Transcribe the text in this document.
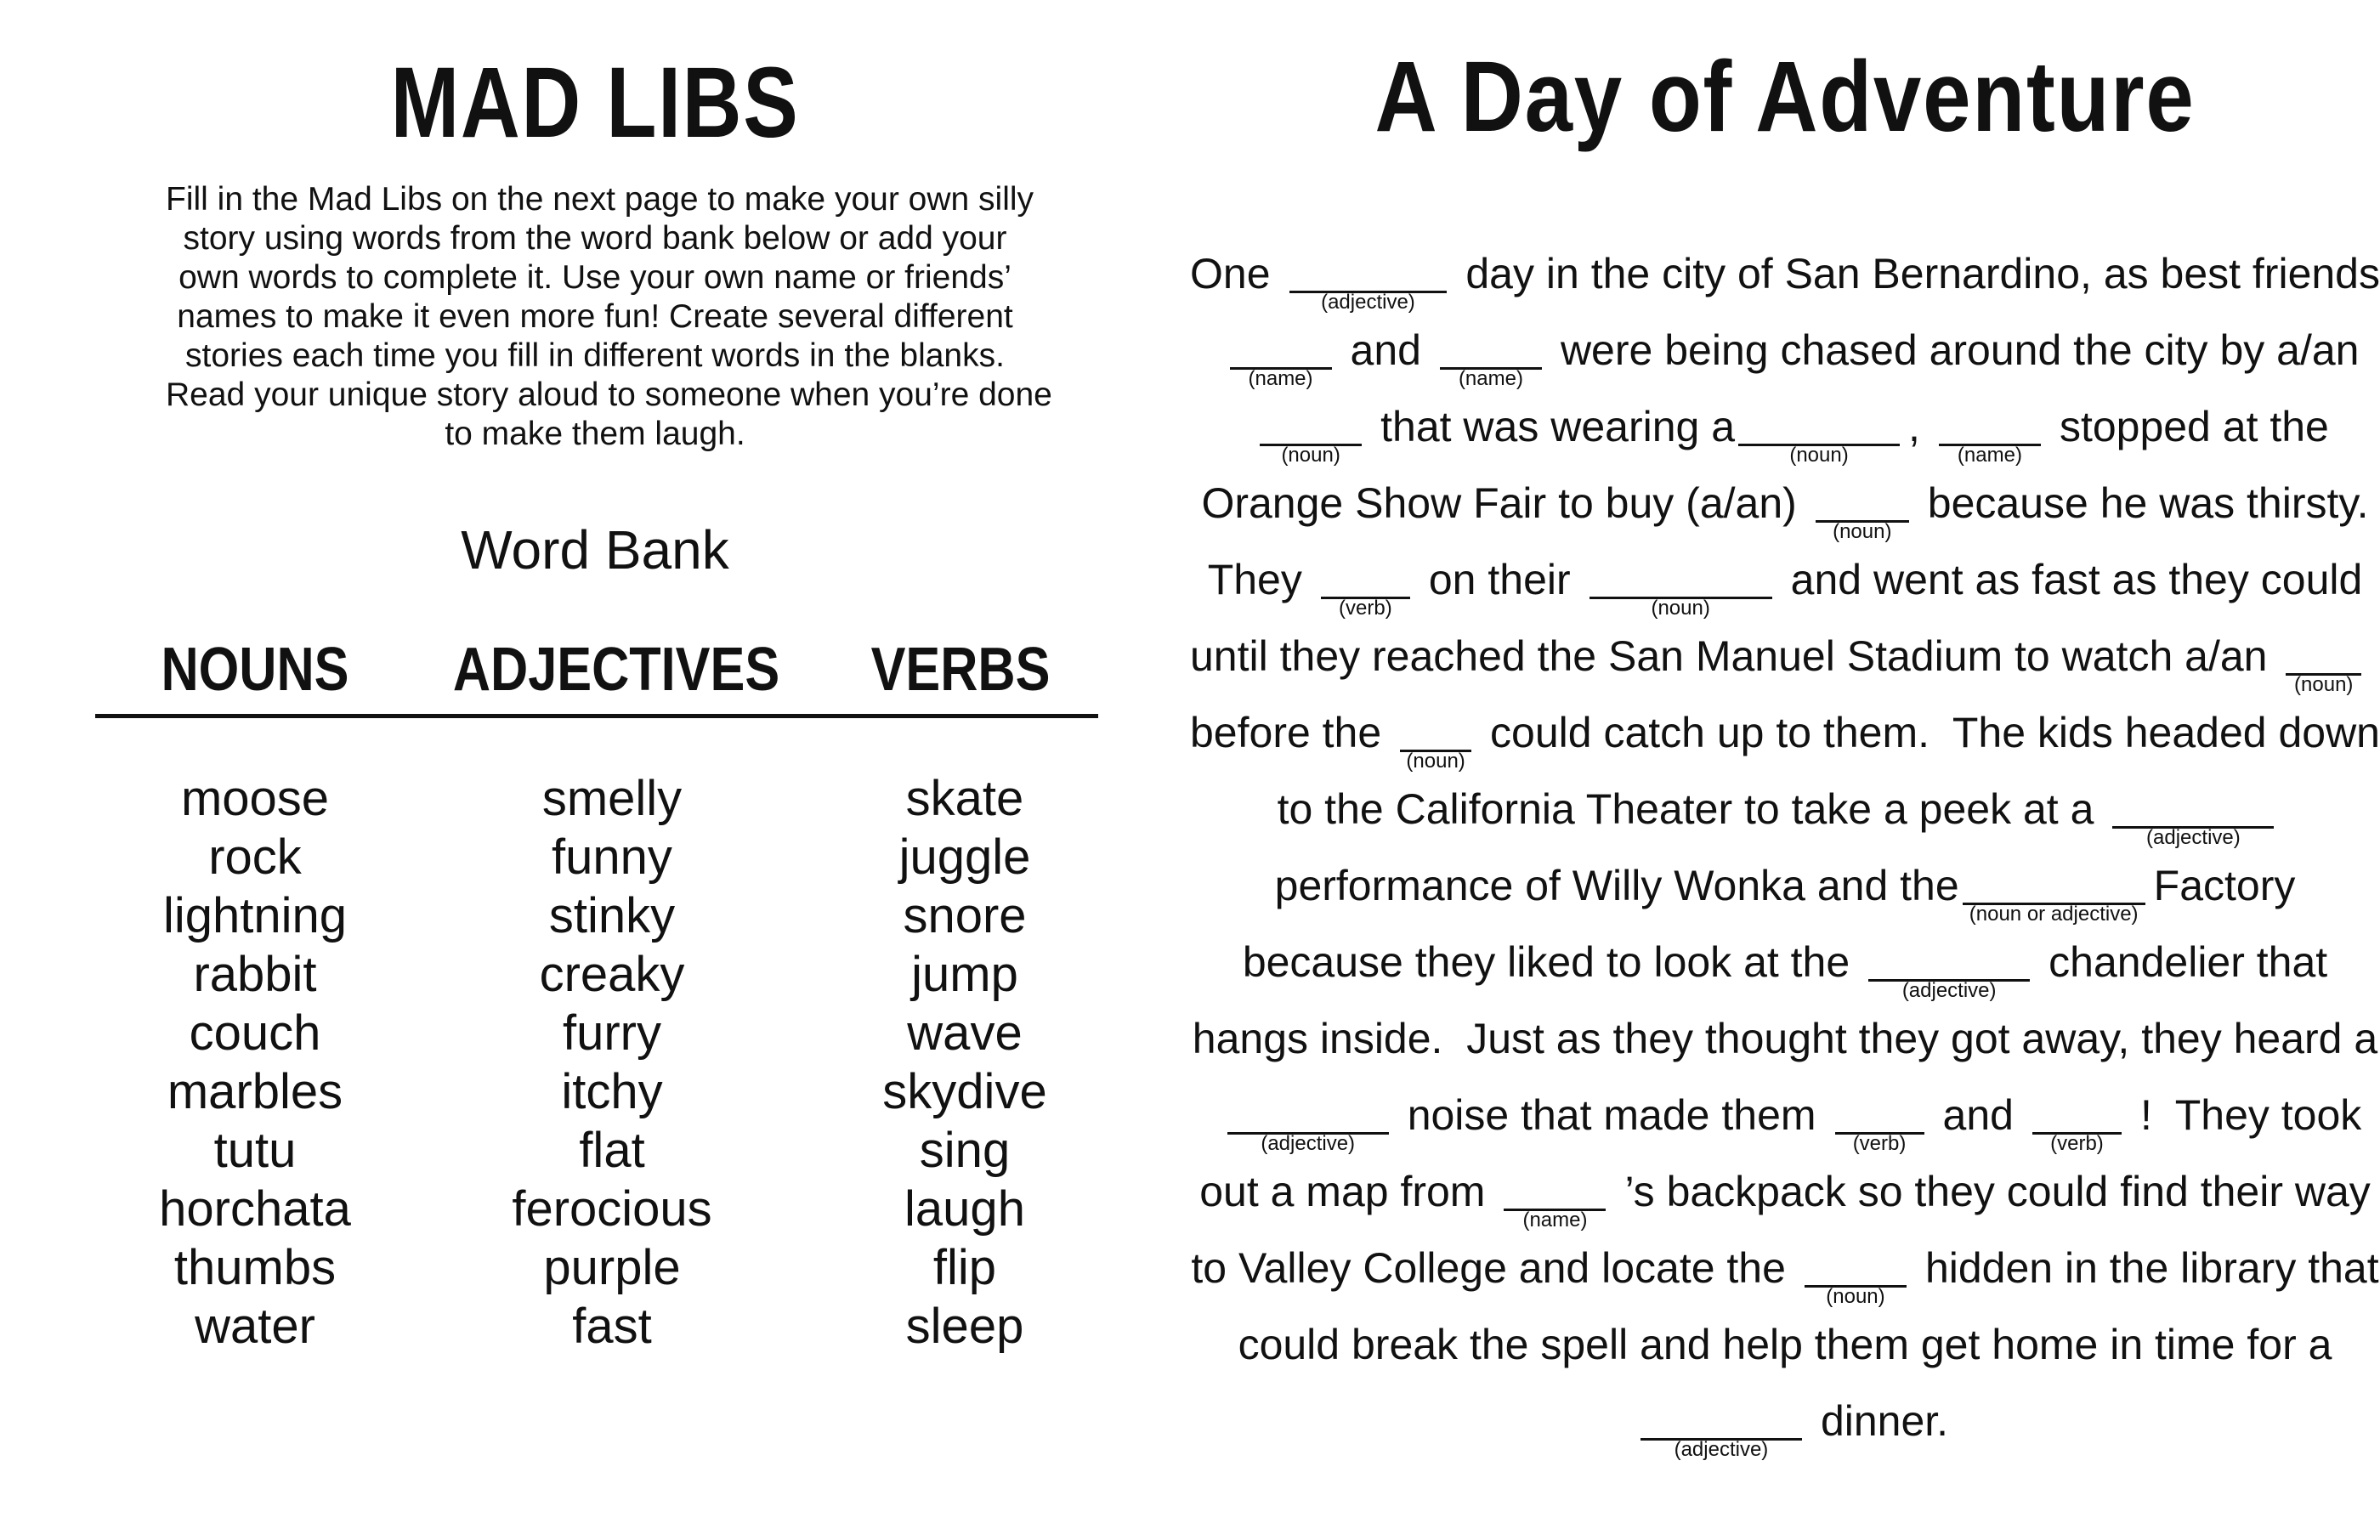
MAD LIBS
Fill in the Mad Libs on the next page to make your own silly
story using words from the word bank below or add your
own words to complete it. Use your own name or friends’
names to make it even more fun! Create several different
stories each time you fill in different words in the blanks.
Read your unique story aloud to someone when you’re done
to make them laugh.
Word Bank
NOUNS ADJECTIVES VERBS
moose
rock
lightning
rabbit
couch
marbles
tutu
horchata
thumbs
water
smelly
funny
stinky
creaky
furry
itchy
flat
ferocious
purple
fast
skate
juggle
snore
jump
wave
skydive
sing
laugh
flip
sleep
A Day of Adventure
One
(adjective)
day in the city of San Bernardino, as best friends
(name)
and
(name)
were being chased around the city by a/an
(noun)
that was wearing a
(noun)
,
(name)
stopped at the
Orange Show Fair to buy (a/an)
(noun)
because he was thirsty.
They
(verb)
on their
(noun)
and went as fast as they could
until they reached the San Manuel Stadium to watch a/an
(noun)
before the
(noun)
could catch up to them.  The kids headed down
to the California Theater to take a peek at a
(adjective)
performance of Willy Wonka and the
(noun or adjective)
Factory
because they liked to look at the
(adjective)
chandelier that
hangs inside.  Just as they thought they got away, they heard a
(adjective)
noise that made them
(verb)
and
(verb)
!  They took
out a map from
(name)
’s backpack so they could find their way
to Valley College and locate the
(noun)
hidden in the library that
could break the spell and help them get home in time for a
(adjective)
dinner.
